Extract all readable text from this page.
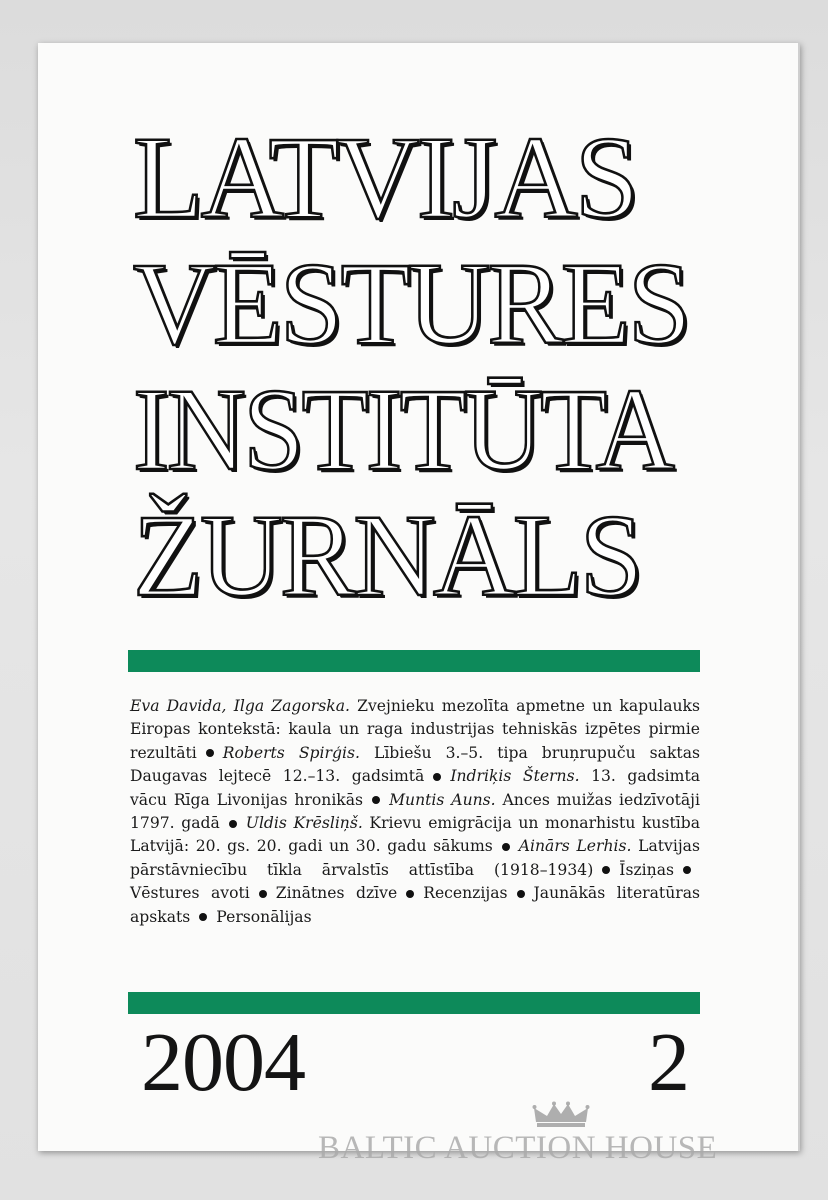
LATVIJAS
VĒSTURES
INSTITŪTA
ŽURNĀLS
Eva Davida, Ilga Zagorska. Zvejnieku mezolīta apmetne un kapulauks Eiropas kontekstā: kaula un raga industrijas tehniskās izpētes pirmie rezultāti Roberts Spirģis. Lībiešu 3.–5. tipa bruņrupuču saktas Daugavas lejtecē 12.–13. gadsimtā Indriķis Šterns. 13. gadsimta vācu Rīga Livonijas hronikās Muntis Auns. Ances muižas iedzīvotāji 1797. gadā Uldis Krēsliņš. Krievu emigrācija un monarhistu kustība Latvijā: 20. gs. 20. gadi un 30. gadu sākums Ainārs Lerhis. Latvijas pārstāvniecību tīkla ārvalstīs attīstība (1918–1934) ĪsziņasVēstures avoti Zinātnes dzīve Recenzijas Jaunākās literatūras apskats Personālijas
2004	2
BALTIC AUCTION HOUSE
